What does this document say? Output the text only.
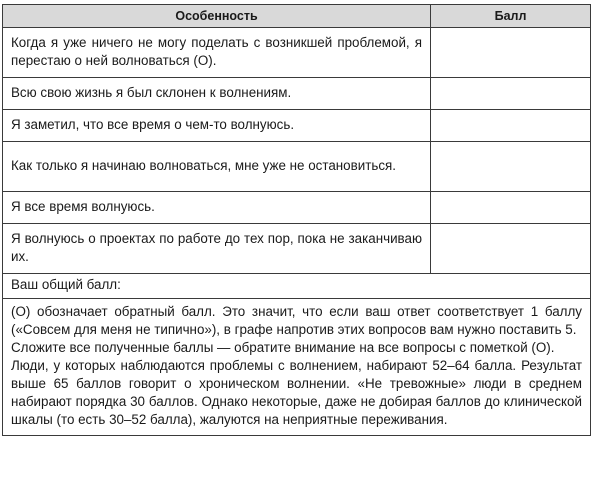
Особенность	Балл
Когда я уже ничего не могу поделать с возникшей проблемой, я перестаю о ней волноваться (О).	
Всю свою жизнь я был склонен к волнениям.	
Я заметил, что все время о чем-то волнуюсь.	
Как только я начинаю волноваться, мне уже не остановиться.	
Я все время волнуюсь.	
Я волнуюсь о проектах по работе до тех пор, пока не заканчиваю их.	
Ваш общий балл:	

(О) обозначает обратный балл. Это значит, что если ваш ответ соответствует 1 баллу («Совсем для меня не типично»), в графе напротив этих вопросов вам нужно поставить 5.

Сложите все полученные баллы — обратите внимание на все вопросы с пометкой (О).

Люди, у которых наблюдаются проблемы с волнением, набирают 52–64 балла. Результат выше 65 баллов говорит о хроническом волнении. «Не тревожные» люди в среднем набирают порядка 30 баллов. Однако некоторые, даже не добирая баллов до клинической шкалы (то есть 30–52 балла), жалуются на неприятные переживания.	
